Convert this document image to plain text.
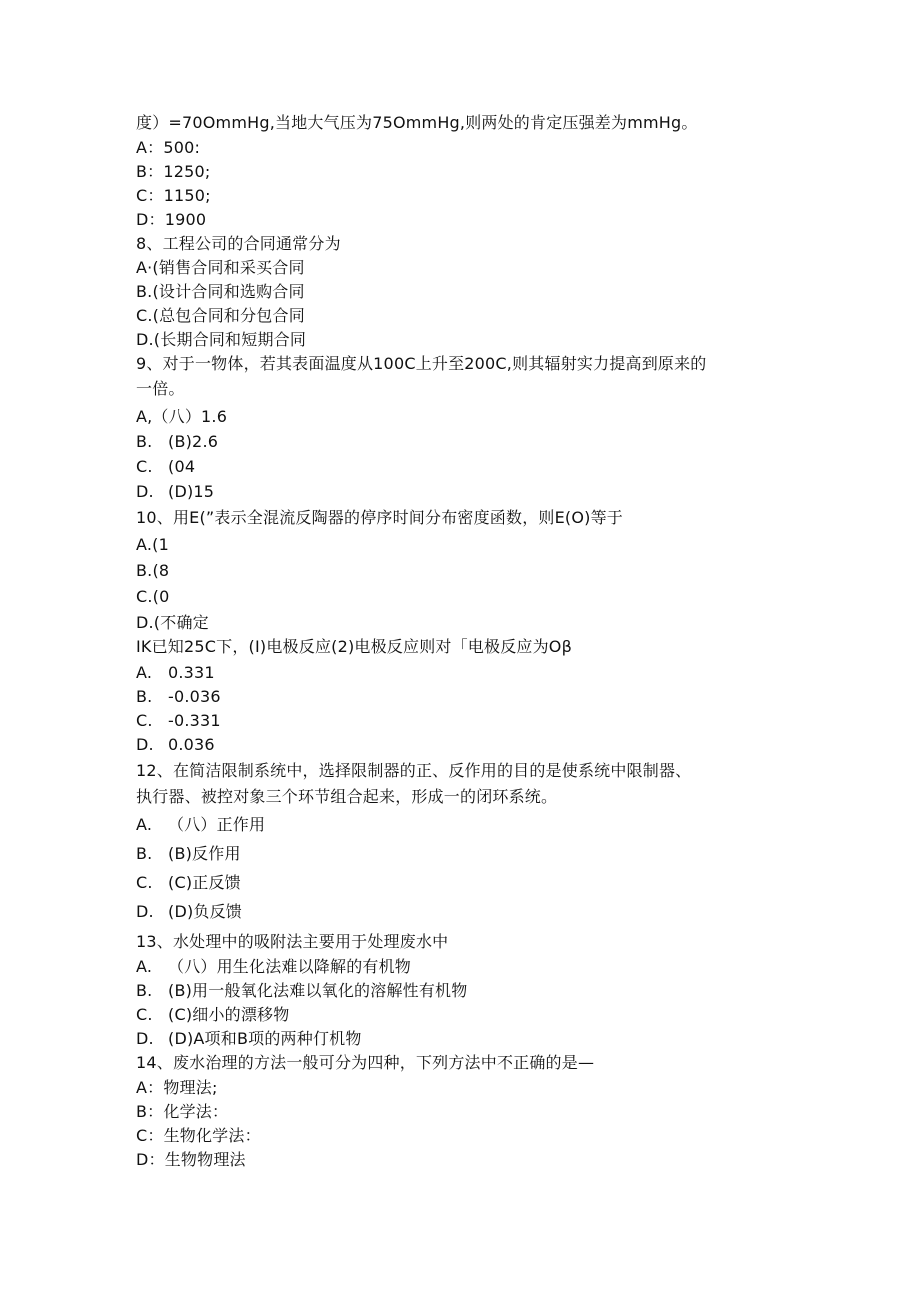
度）=70OmmHg,当地大气压为75OmmHg,则两处的肯定压强差为mmHg。
A：500:
B：1250;
C：1150;
D：1900
8、工程公司的合同通常分为
A·(销售合同和采买合同
B.(设计合同和选购合同
C.(总包合同和分包合同
D.(长期合同和短期合同
9、对于一物体，若其表面温度从100C上升至200C,则其辐射实力提高到原来的
一倍。
A,（八）1.6
B. (B)2.6
C. (04
D. (D)15
10、用E(”表示全混流反陶器的停序时间分布密度函数，则E(O)等于
A.(1
B.(8
C.(0
D.(不确定
IK已知25C下，(I)电极反应(2)电极反应则对「电极反应为Oβ
A. 0.331
B. -0.036
C. -0.331
D. 0.036
12、在简洁限制系统中，选择限制器的正、反作用的目的是使系统中限制器、
执行器、被控对象三个环节组合起来，形成一的闭环系统。
A. （八）正作用
B. (B)反作用
C. (C)正反馈
D. (D)负反馈
13、水处理中的吸附法主要用于处理废水中
A. （八）用生化法难以降解的有机物
B. (B)用一般氧化法难以氧化的溶解性有机物
C. (C)细小的漂移物
D. (D)A项和B项的两种仃机物
14、废水治理的方法一般可分为四种，下列方法中不正确的是—
A：物理法;
B：化学法：
C：生物化学法：
D：生物物理法
